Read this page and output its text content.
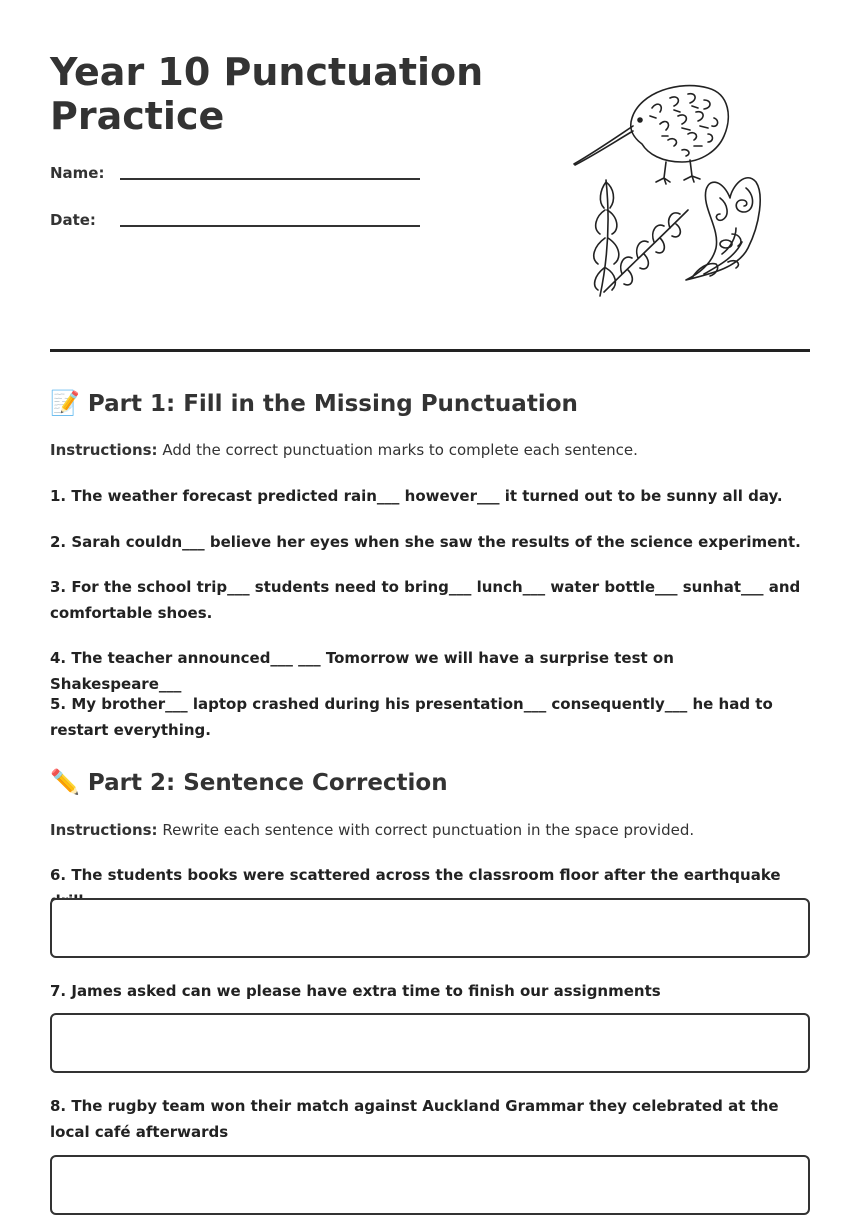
Year 10 Punctuation Practice
Name:
Date:
📝 Part 1: Fill in the Missing Punctuation
Instructions: Add the correct punctuation marks to complete each sentence.
1. The weather forecast predicted rain___ however___ it turned out to be sunny all day.
2. Sarah couldn___ believe her eyes when she saw the results of the science experiment.
3. For the school trip___ students need to bring___ lunch___ water bottle___ sunhat___ and comfortable shoes.
4. The teacher announced___ ___ Tomorrow we will have a surprise test on Shakespeare___
5. My brother___ laptop crashed during his presentation___ consequently___ he had to restart everything.
✏️ Part 2: Sentence Correction
Instructions: Rewrite each sentence with correct punctuation in the space provided.
6. The students books were scattered across the classroom floor after the earthquake
7. James asked can we please have extra time to finish our assignments
8. The rugby team won their match against Auckland Grammar they celebrated at the local café afterwards
